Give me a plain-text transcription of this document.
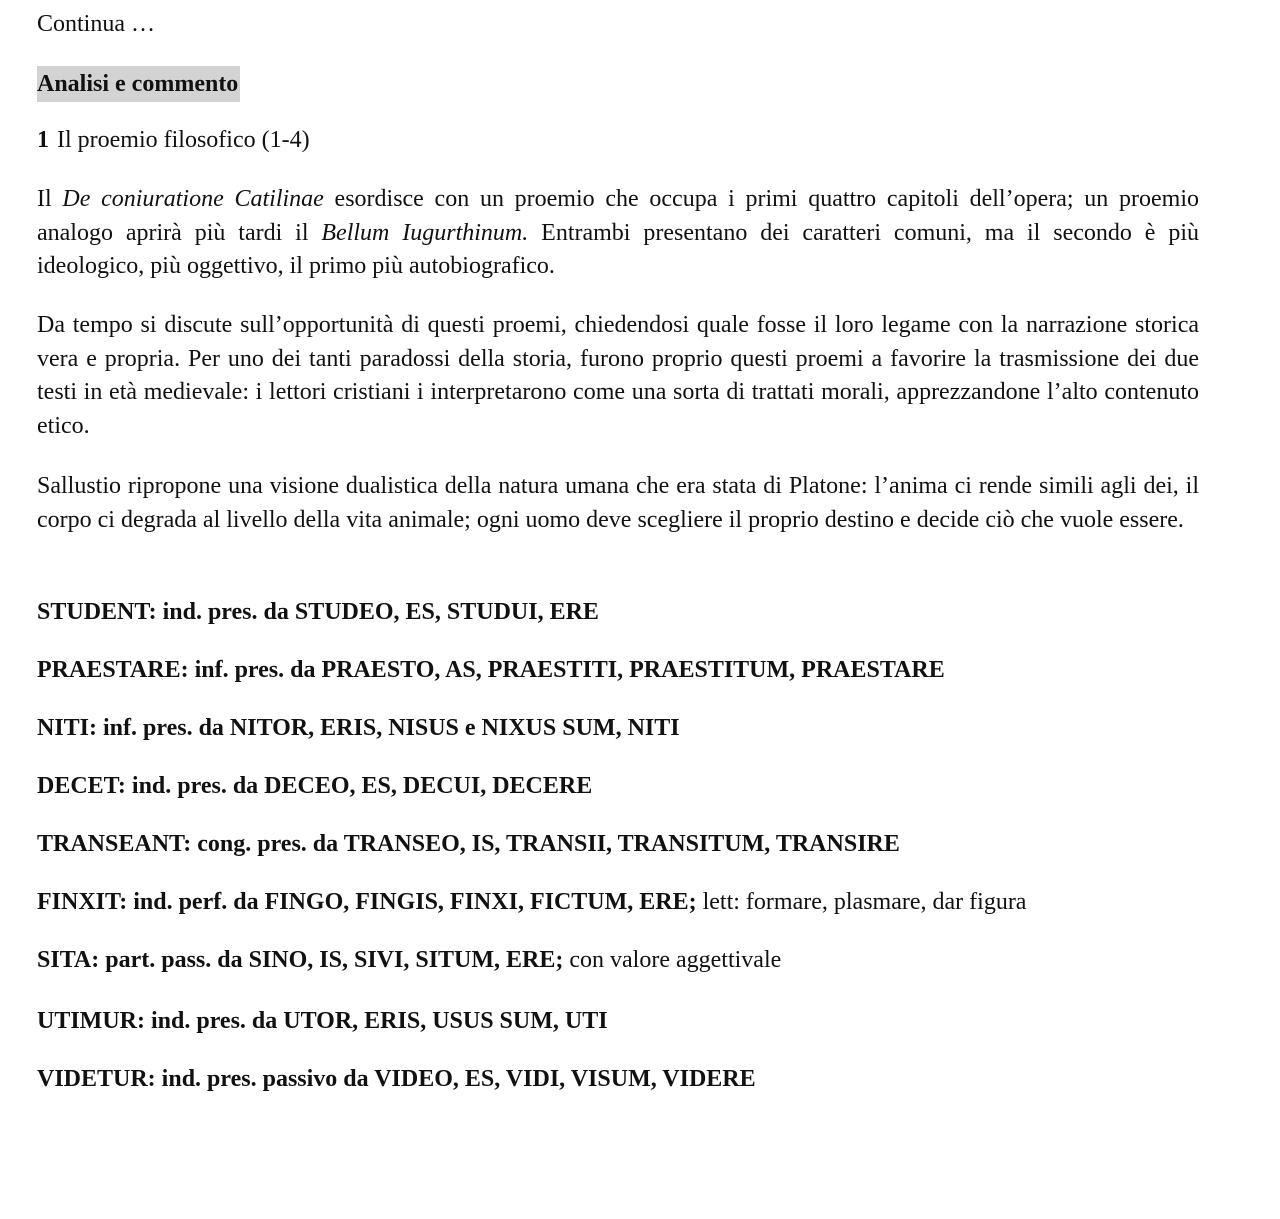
Continua …
Analisi e commento
1 Il proemio filosofico (1-4)
Il De coniuratione Catilinae esordisce con un proemio che occupa i primi quattro capitoli dell’opera; un proemio analogo aprirà più tardi il Bellum Iugurthinum. Entrambi presentano dei caratteri comuni, ma il secondo è più ideologico, più oggettivo, il primo più autobiografico.
Da tempo si discute sull’opportunità di questi proemi, chiedendosi quale fosse il loro legame con la narrazione storica vera e propria. Per uno dei tanti paradossi della storia, furono proprio questi proemi a favorire la trasmissione dei due testi in età medievale: i lettori cristiani i interpretarono come una sorta di trattati morali, apprezzandone l’alto contenuto etico.
Sallustio ripropone una visione dualistica della natura umana che era stata di Platone: l’anima ci rende simili agli dei, il corpo ci degrada al livello della vita animale; ogni uomo deve scegliere il proprio destino e decide ciò che vuole essere.
STUDENT: ind. pres. da STUDEO, ES, STUDUI, ERE
PRAESTARE: inf. pres. da PRAESTO, AS, PRAESTITI, PRAESTITUM, PRAESTARE
NITI: inf. pres. da NITOR, ERIS, NISUS e NIXUS SUM, NITI
DECET: ind. pres. da DECEO, ES, DECUI, DECERE
TRANSEANT: cong. pres. da TRANSEO, IS, TRANSII, TRANSITUM, TRANSIRE
FINXIT: ind. perf. da FINGO, FINGIS, FINXI, FICTUM, ERE; lett: formare, plasmare, dar figura
SITA: part. pass. da SINO, IS, SIVI, SITUM, ERE; con valore aggettivale
UTIMUR: ind. pres. da UTOR, ERIS, USUS SUM, UTI
VIDETUR: ind. pres. passivo da VIDEO, ES, VIDI, VISUM, VIDERE
